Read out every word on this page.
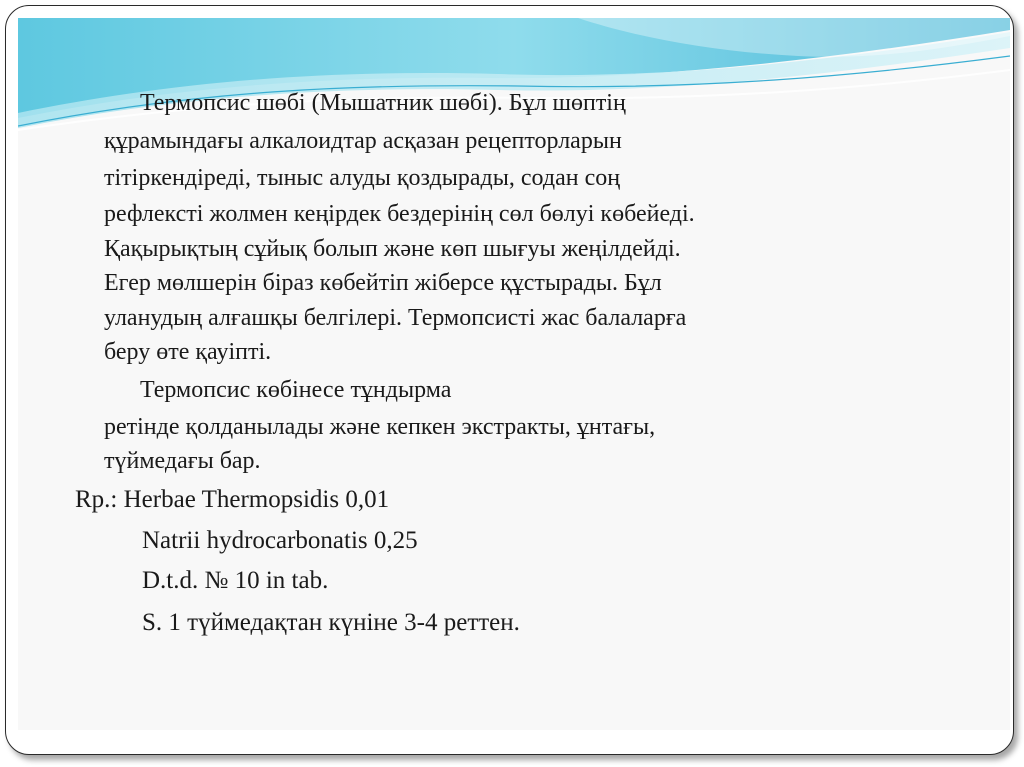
Термопсис шөбі (Мышатник шөбі). Бұл шөптің
құрамындағы алкалоидтар асқазан рецепторларын
тітіркендіреді, тыныс алуды қоздырады, содан соң
рефлексті жолмен кеңірдек бездерінің сөл бөлуі көбейеді.
Қақырықтың сұйық болып және көп шығуы жеңілдейді.
Егер мөлшерін біраз көбейтіп жіберсе құстырады. Бұл
уланудың алғашқы белгілері. Термопсисті жас балаларға
беру өте қауіпті.
Термопсис көбінесе тұндырма
ретінде қолданылады және кепкен экстракты, ұнтағы,
түймедағы бар.
Rp.: Herbae Thermopsidis 0,01
Natrii hydrocarbonatis 0,25
D.t.d. № 10 in tab.
S. 1 түймедақтан күніне 3-4 реттен.
